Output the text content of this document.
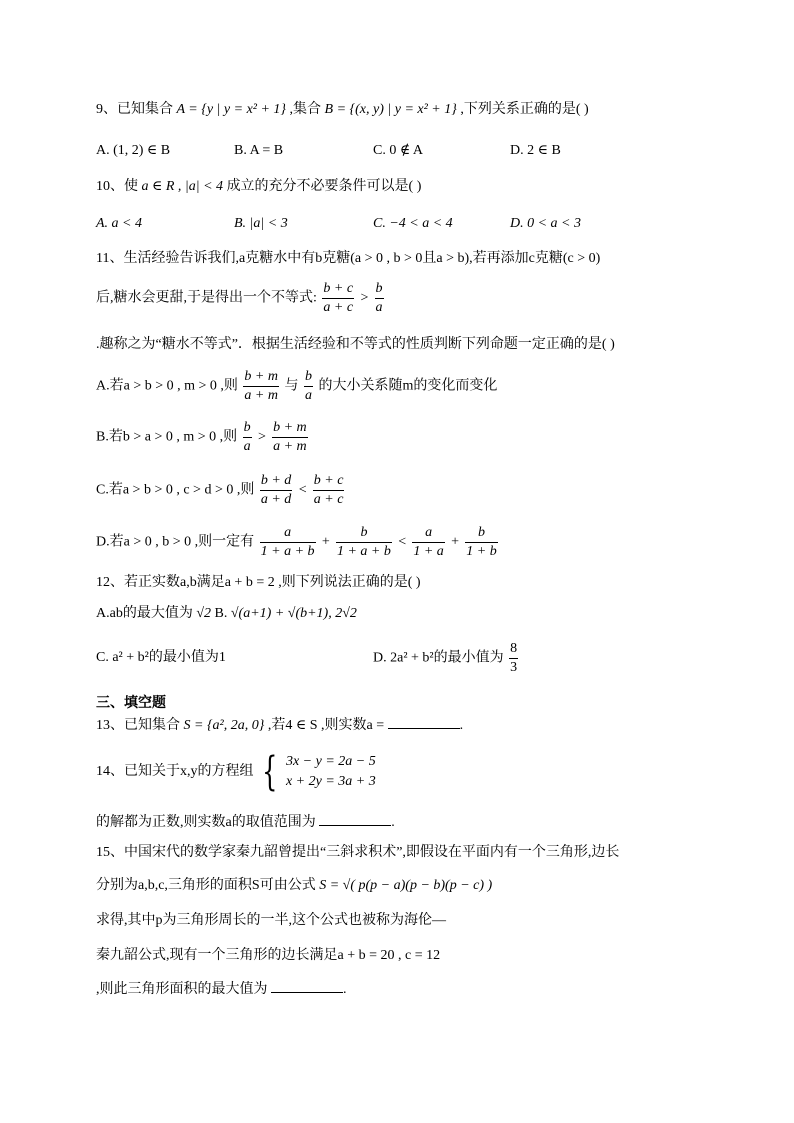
9、已知集合 A = {y | y = x² + 1} ,集合 B = {(x, y) | y = x² + 1} ,下列关系正确的是( )
A. (1, 2) ∈ B	B. A = B	C. 0 ∉ A	D. 2 ∈ B
10、使 a ∈ R , |a| < 4 成立的充分不必要条件可以是( )
A. a < 4	B. |a| < 3	C. −4 < a < 4	D. 0 < a < 3
11、生活经验告诉我们,a克糖水中有b克糖(a > 0 , b > 0且a > b),若再添加c克糖(c > 0)
后,糖水会更甜,于是得出一个不等式: $\frac{b + c}{a + c} > \frac{b}{a}$
.趣称之为“糖水不等式”．根据生活经验和不等式的性质判断下列命题一定正确的是( )
A.若a > b > 0 , m > 0 ,则 $\frac{b + m}{a + m}$ 与 $\frac{b}{a}$ 的大小关系随m的变化而变化
B.若b > a > 0 , m > 0 ,则 $\frac{b}{a} > \frac{b + m}{a + m}$
C.若a > b > 0 , c > d > 0 ,则 $\frac{b + d}{a + d} < \frac{b + c}{a + c}$
D.若a > 0 , b > 0 ,则一定有 $\frac{a}{1 + a + b} + \frac{b}{1 + a + b} < \frac{a}{1 + a} + \frac{b}{1 + b}$
12、若正实数a,b满足a + b = 2 ,则下列说法正确的是( )
A.ab的最大值为 √2 B. √(a+1) + √(b+1), 2√2
C. a² + b²的最小值为1	D. 2a² + b²的最小值为 $\frac{8}{3}$
三、填空题
13、已知集合 S = {a², 2a, 0} ,若4 ∈ S ,则实数a =	.
14、已知关于x,y的方程组 { 3x − y = 2a − 5
x + 2y = 3a + 3
的解都为正数,则实数a的取值范围为	.
15、中国宋代的数学家秦九韶曾提出“三斜求积术”,即假设在平面内有一个三角形,边长
分别为a,b,c,三角形的面积S可由公式 S = √( p(p − a)(p − b)(p − c) )
求得,其中p为三角形周长的一半,这个公式也被称为海伦—
秦九韶公式,现有一个三角形的边长满足a + b = 20 , c = 12
,则此三角形面积的最大值为	.
